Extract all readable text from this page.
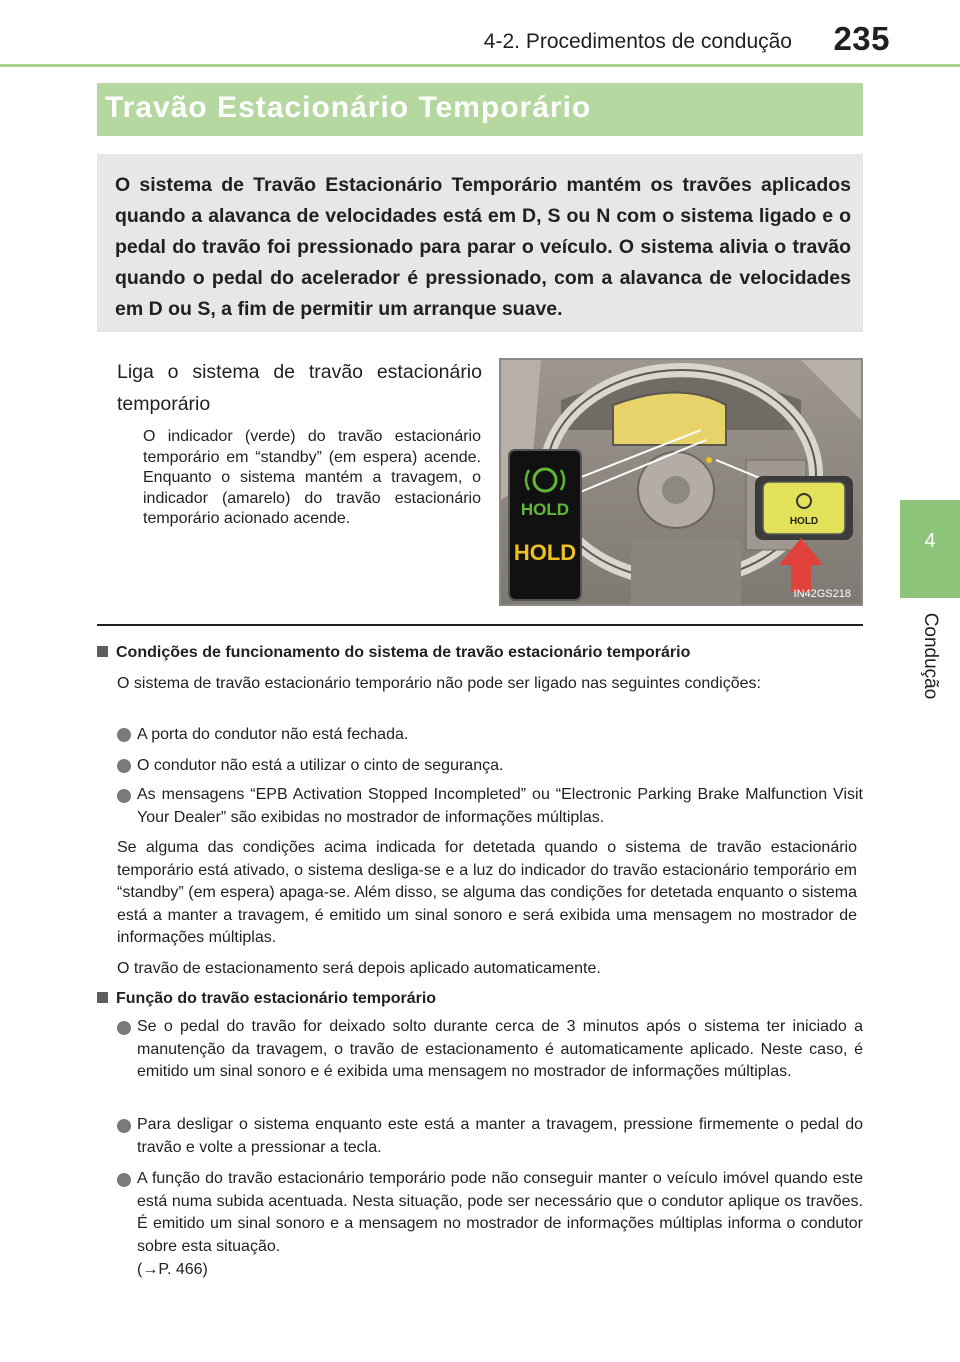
4-2. Procedimentos de condução 235
4
Condução
Travão Estacionário Temporário

O sistema de Travão Estacionário Temporário mantém os travões aplicados quando a alavanca de velocidades está em D, S ou N com o sistema ligado e o pedal do travão foi pressionado para parar o veículo. O sistema alivia o travão quando o pedal do acelerador é pressionado, com a alavanca de velocidades em D ou S, a fim de permitir um arranque suave.

Liga o sistema de travão estacionário temporário
O indicador (verde) do travão estacionário temporário em “standby” (em espera) acende. Enquanto o sistema mantém a travagem, o indicador (amarelo) do travão estacionário temporário acionado acende.	HOLD
HOLD
HOLD
IN42GS218
Condições de funcionamento do sistema de travão estacionário temporário
O sistema de travão estacionário temporário não pode ser ligado nas seguintes condições:
A porta do condutor não está fechada.
O condutor não está a utilizar o cinto de segurança.
As mensagens “EPB Activation Stopped Incompleted” ou “Electronic Parking Brake Malfunction Visit Your Dealer” são exibidas no mostrador de informações múltiplas.
Se alguma das condições acima indicada for detetada quando o sistema de travão estacionário temporário está ativado, o sistema desliga-se e a luz do indicador do travão estacionário temporário em “standby” (em espera) apaga-se. Além disso, se alguma das condições for detetada enquanto o sistema está a manter a travagem, é emitido um sinal sonoro e será exibida uma mensagem no mostrador de informações múltiplas.
O travão de estacionamento será depois aplicado automaticamente.
Função do travão estacionário temporário
Se o pedal do travão for deixado solto durante cerca de 3 minutos após o sistema ter iniciado a manutenção da travagem, o travão de estacionamento é automaticamente aplicado. Neste caso, é emitido um sinal sonoro e é exibida uma mensagem no mostrador de informações múltiplas.
Para desligar o sistema enquanto este está a manter a travagem, pressione firmemente o pedal do travão e volte a pressionar a tecla.
A função do travão estacionário temporário pode não conseguir manter o veículo imóvel quando este está numa subida acentuada. Nesta situação, pode ser necessário que o condutor aplique os travões. É emitido um sinal sonoro e a mensagem no mostrador de informações múltiplas informa o condutor sobre esta situação.
(→P. 466)
